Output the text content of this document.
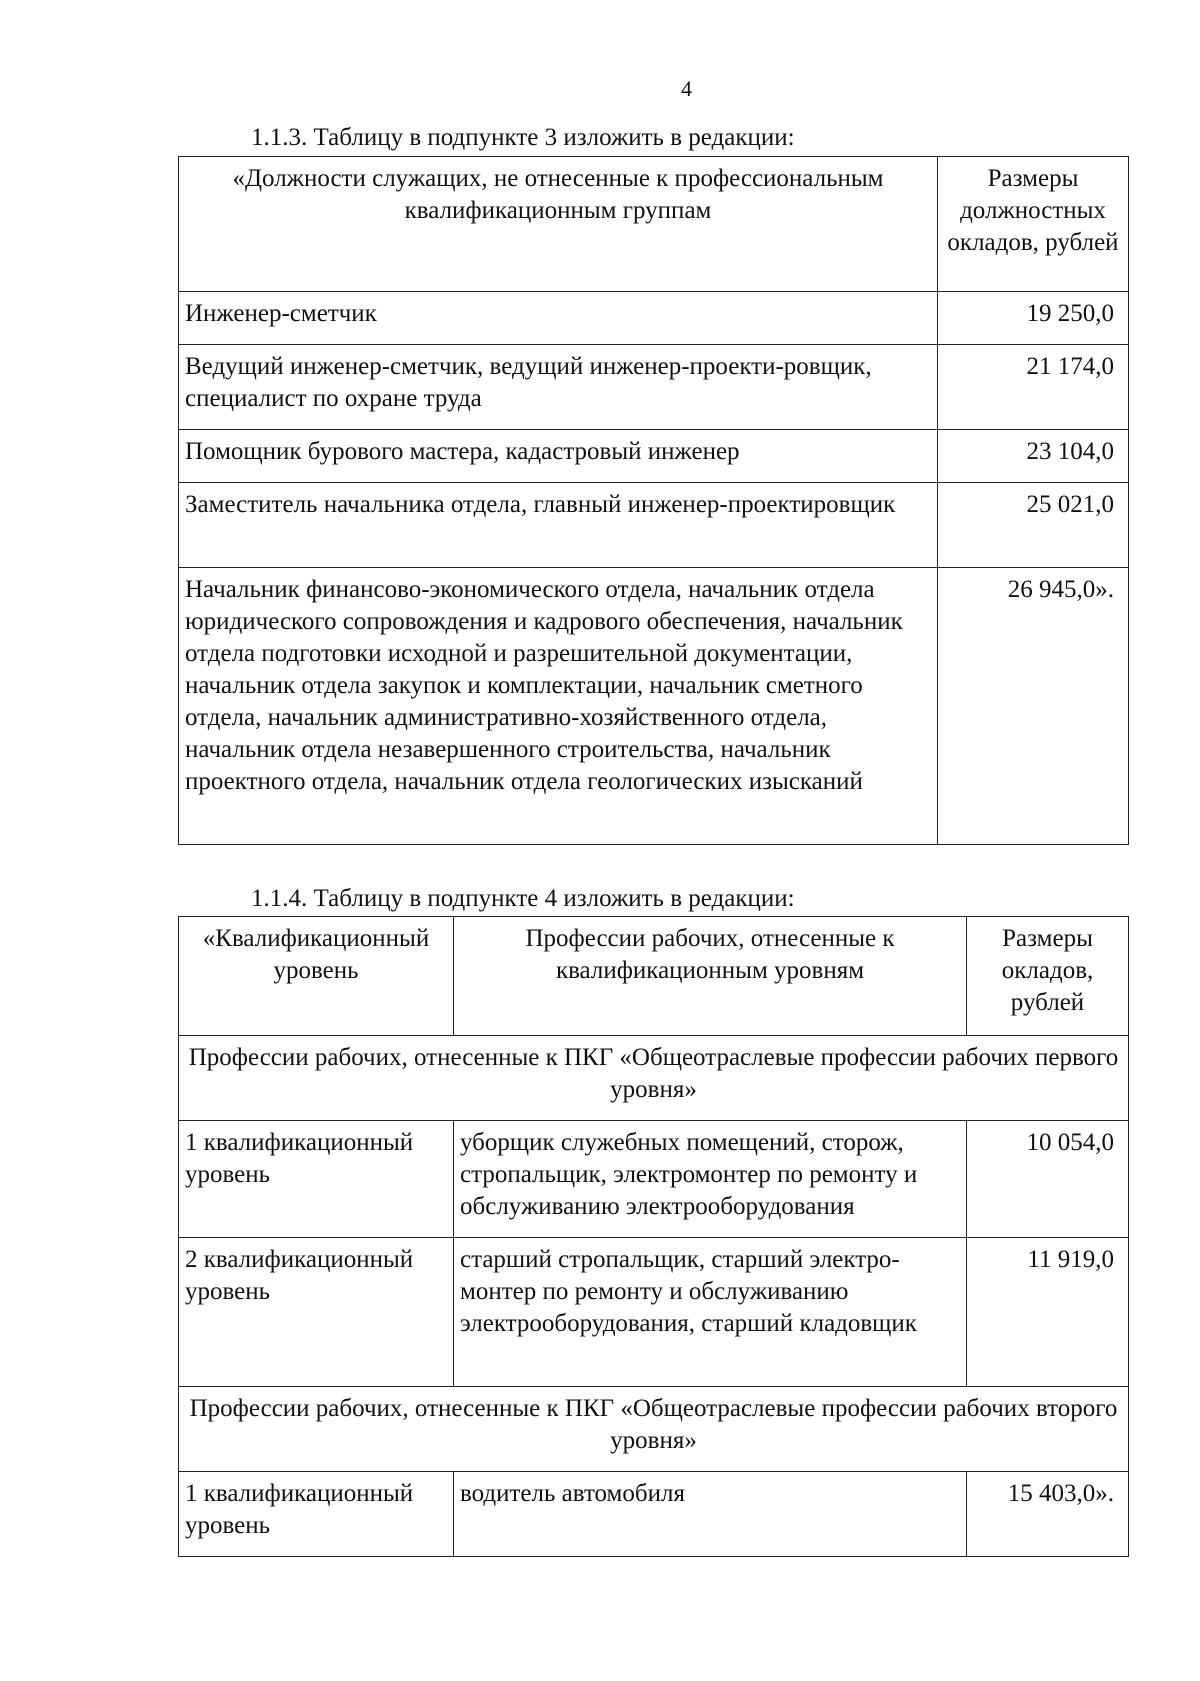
4
1.1.3. Таблицу в подпункте 3 изложить в редакции:
«Должности служащих, не отнесенные к профессиональным квалификационным группам	Размеры должностных окладов, рублей
Инженер-сметчик	19 250,0
Ведущий инженер-сметчик, ведущий инженер-проекти-ровщик, специалист по охране труда	21 174,0
Помощник бурового мастера, кадастровый инженер	23 104,0
Заместитель начальника отдела, главный инженер-проектировщик	25 021,0
Начальник финансово-экономического отдела, начальник отдела юридического сопровождения и кадрового обеспечения, начальник отдела подготовки исходной и разрешительной документации, начальник отдела закупок и комплектации, начальник сметного отдела, начальник административно-хозяйственного отдела, начальник отдела незавершенного строительства, начальник проектного отдела, начальник отдела геологических изысканий	26 945,0».
1.1.4. Таблицу в подпункте 4 изложить в редакции:
«Квалификационный уровень	Профессии рабочих, отнесенные к квалификационным уровням	Размеры окладов, рублей
Профессии рабочих, отнесенные к ПКГ «Общеотраслевые профессии рабочих первого уровня»		
1 квалификационный уровень	уборщик служебных помещений, сторож, стропальщик, электромонтер по ремонту и обслуживанию электрооборудования	10 054,0
2 квалификационный уровень	старший стропальщик, старший электро-монтер по ремонту и обслуживанию электрооборудования, старший кладовщик	11 919,0
Профессии рабочих, отнесенные к ПКГ «Общеотраслевые профессии рабочих второго уровня»		
1 квалификационный уровень	водитель автомобиля	15 403,0».
